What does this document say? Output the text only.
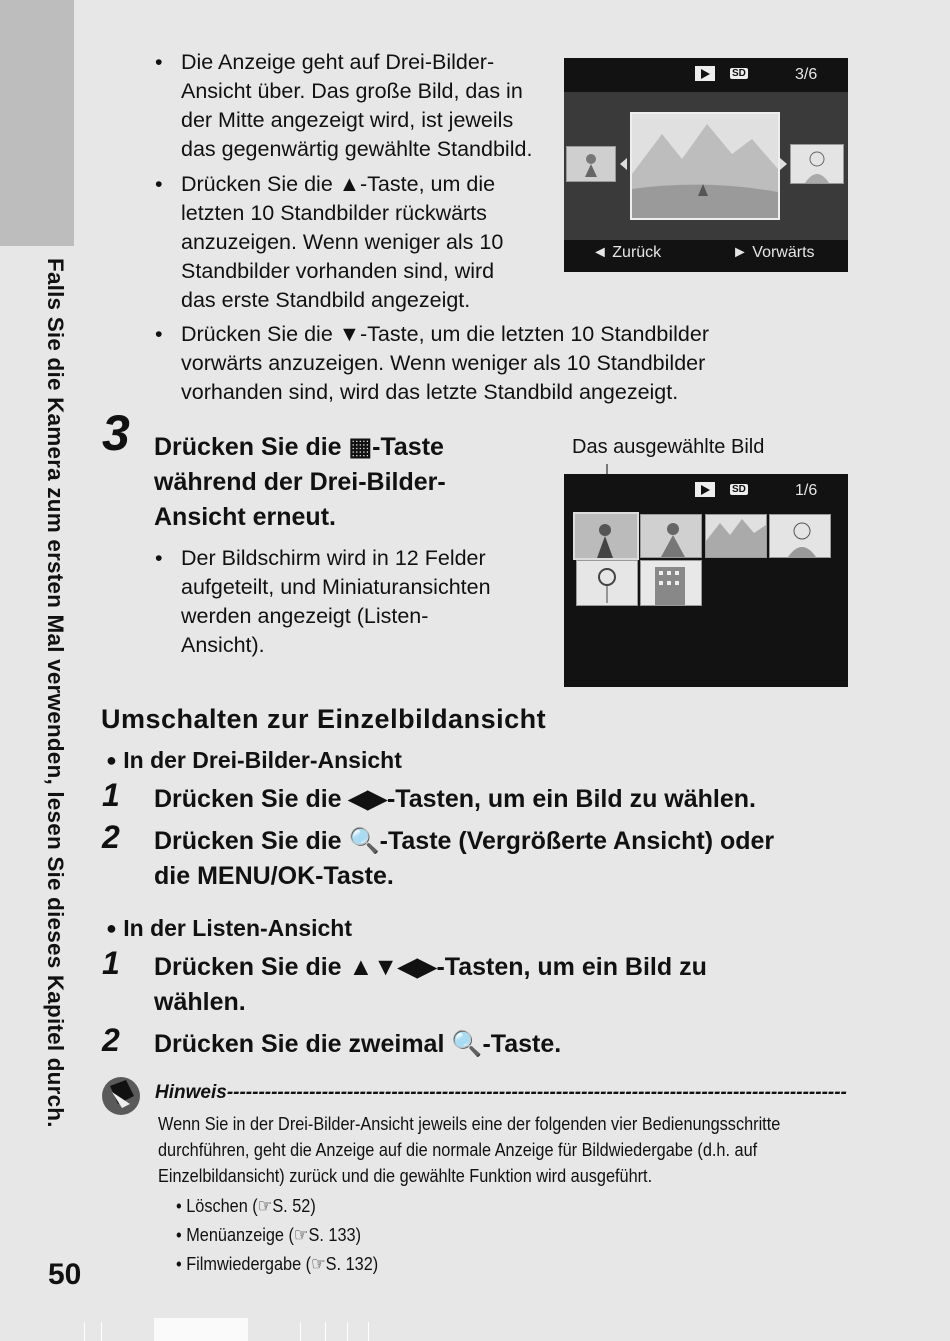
Falls Sie die Kamera zum ersten Mal verwenden, lesen Sie dieses Kapitel durch.
50

• Die Anzeige geht auf Drei-Bilder-

Ansicht über. Das große Bild, das in

der Mitte angezeigt wird, ist jeweils

das gegenwärtig gewählte Standbild.

• Drücken Sie die ▲-Taste, um die

letzten 10 Standbilder rückwärts

anzuzeigen. Wenn weniger als 10

Standbilder vorhanden sind, wird

das erste Standbild angezeigt.

• Drücken Sie die ▼-Taste, um die letzten 10 Standbilder

vorwärts anzuzeigen. Wenn weniger als 10 Standbilder

vorhanden sind, wird das letzte Standbild angezeigt.

SD	3/6
◄ Zurück	► Vorwärts
3 Drücken Sie die ▦-Taste
während der Drei-Bilder-
Ansicht erneut.

• Der Bildschirm wird in 12 Felder

aufgeteilt, und Miniaturansichten

werden angezeigt (Listen-

Ansicht).

Das ausgewählte Bild
SD	1/6
Umschalten zur Einzelbildansicht
● In der Drei-Bilder-Ansicht
1 Drücken Sie die ◀▶-Tasten, um ein Bild zu wählen.
2 Drücken Sie die 🔍-Taste (Vergrößerte Ansicht) oder
die MENU/OK-Taste.
● In der Listen-Ansicht
1 Drücken Sie die ▲▼◀▶-Tasten, um ein Bild zu
wählen.
2 Drücken Sie die zweimal 🔍-Taste.
Hinweis--------------------------------------------------------------------------------------------------
Wenn Sie in der Drei-Bilder-Ansicht jeweils eine der folgenden vier Bedienungsschritte
durchführen, geht die Anzeige auf die normale Anzeige für Bildwiedergabe (d.h. auf
Einzelbildansicht) zurück und die gewählte Funktion wird ausgeführt.
• Löschen (☞S. 52)
• Menüanzeige (☞S. 133)
• Filmwiedergabe (☞S. 132)
